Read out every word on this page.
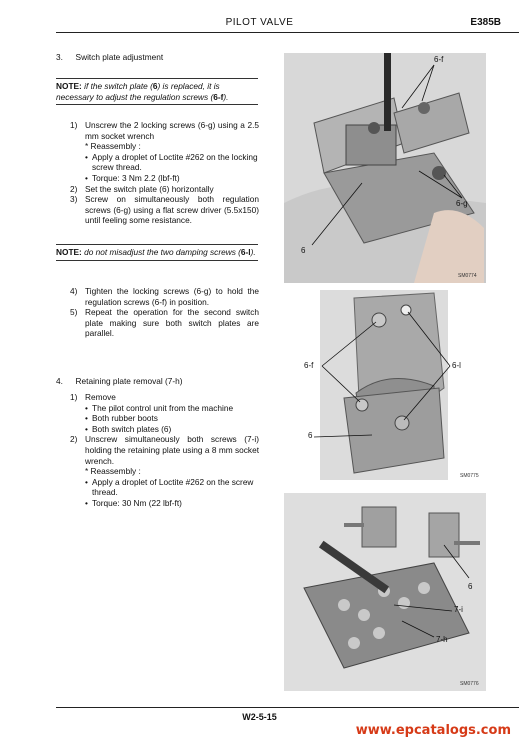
PILOT VALVE	E385B
3. Switch plate adjustment
NOTE: if the switch plate (6) is replaced, it is necessary to adjust the regulation screws (6-f).
1) Unscrew the 2 locking screws (6-g) using a 2.5 mm socket wrench
* Reassembly :
• Apply a droplet of Loctite #262 on the locking screw thread.
• Torque: 3 Nm 2.2 (lbf-ft)
2) Set the switch plate (6) horizontally
3) Screw on simultaneously both regulation screws (6-g) using a flat screw driver (5.5x150) until feeling some resistance.
NOTE: do not misadjust the two damping screws (6-l).
4) Tighten the locking screws (6-g) to hold the regulation screws (6-f) in position.
5) Repeat the operation for the second switch plate making sure both switch plates are parallel.
4. Retaining plate removal (7-h)
1) Remove
• The pilot control unit from the machine
• Both rubber boots
• Both switch plates (6)
2) Unscrew simultaneously both screws (7-i) holding the retaining plate using a 8 mm socket wrench.
* Reassembly :
• Apply a droplet of Loctite #262 on the screw thread.
• Torque: 30 Nm (22 lbf-ft)
6-f
6-g
6
SM0774
6-f	6-l
6
SM0775
6
7-i
7-h
SM0776
W2-5-15
www.epcatalogs.com
